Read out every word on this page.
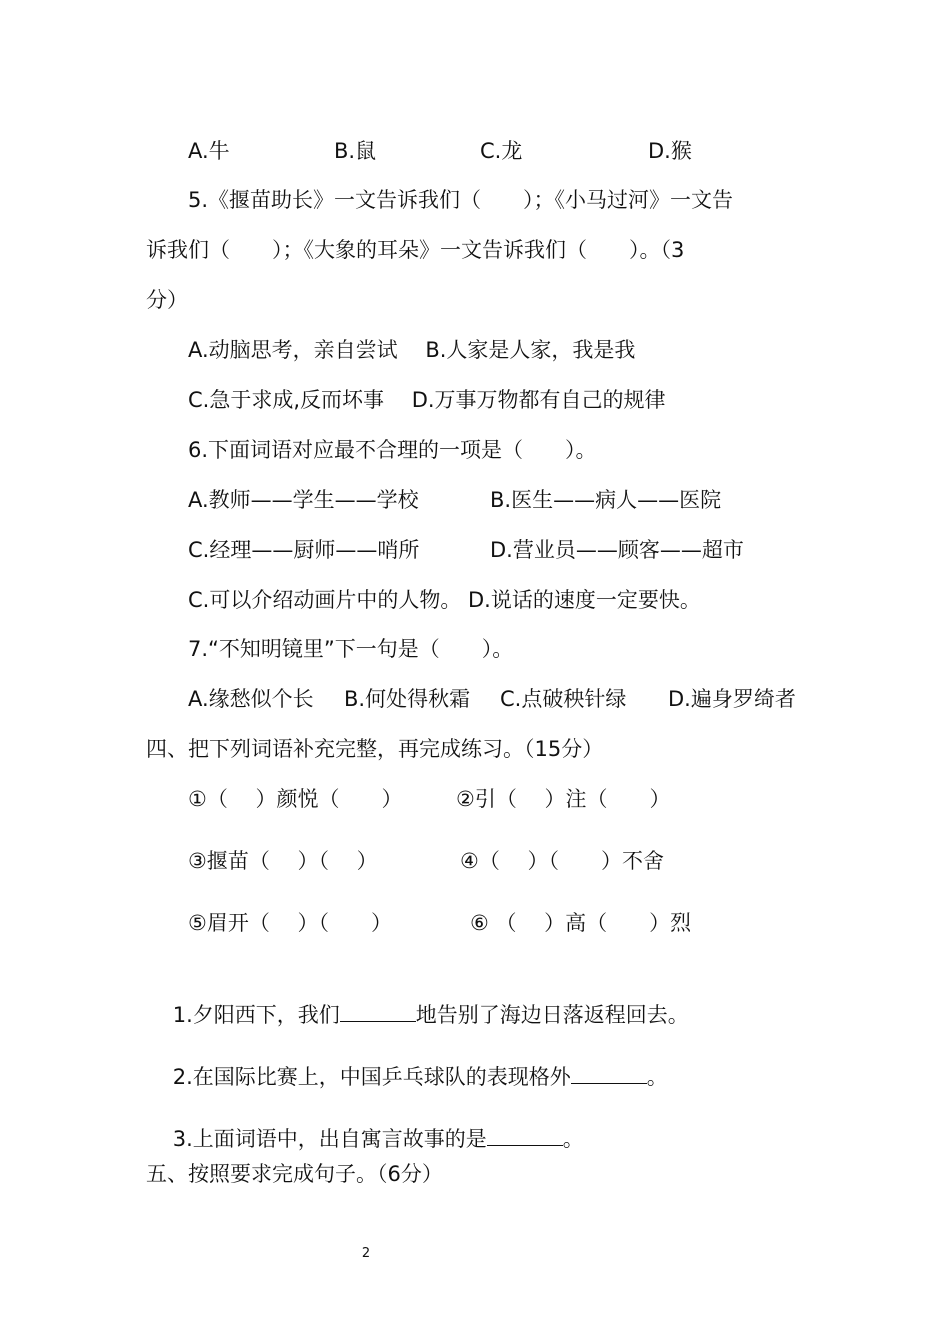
A.牛	B.鼠	C.龙	D.猴
5.《揠苗助长》一文告诉我们（　　）；《小马过河》一文告
诉我们（　　）；《大象的耳朵》一文告诉我们（　　）。（3
分）
A.动脑思考，亲自尝试　 B.人家是人家，我是我
C.急于求成,反而坏事　 D.万事万物都有自己的规律
6.下面词语对应最不合理的一项是（　　）。
A.教师——学生——学校	B.医生——病人——医院
C.经理——厨师——哨所	D.营业员——顾客——超市
C.可以介绍动画片中的人物。 D.说话的速度一定要快。
7.“不知明镜里”下一句是（　　）。
A.缘愁似个长 B.何处得秋霜 C.点破秧针绿 D.遍身罗绮者
四、把下列词语补充完整，再完成练习。（15分）
①（　 ）颜悦（　　）	②引（　 ）注（　　）
③揠苗（　 ）（　 ）	④（　 ）（　　）不舍
⑤眉开（　 ）（　　）	⑥ （　 ）高（　　）烈

1.夕阳西下，我们	地告别了海边日落返程回去。

2.在国际比赛上，中国乒乓球队的表现格外	。

3.上面词语中，出自寓言故事的是	。

五、按照要求完成句子。（6分）
2
